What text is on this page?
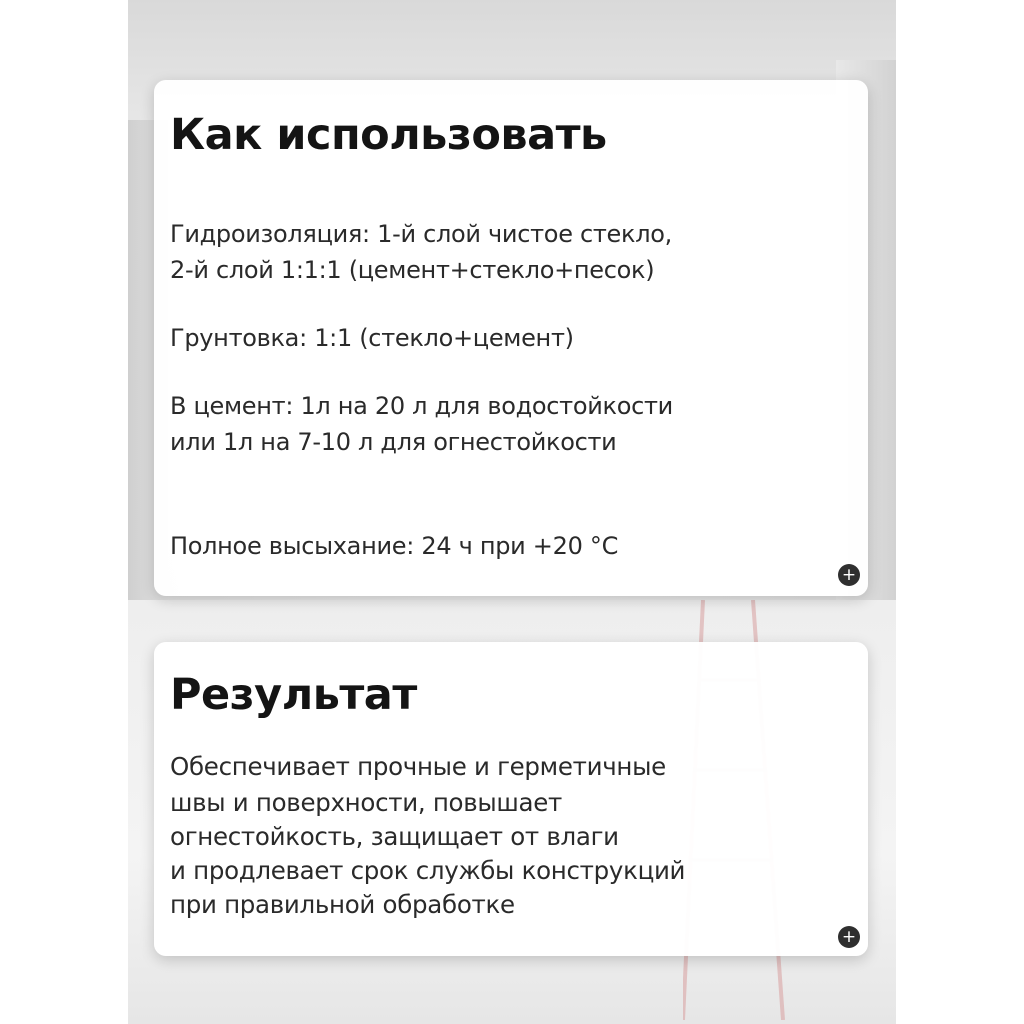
Как использовать
Гидроизоляция: 1-й слой чистое стекло,
2-й слой 1:1:1 (цемент+стекло+песок)
Грунтовка: 1:1 (стекло+цемент)
В цемент: 1л на 20 л для водостойкости
или 1л на 7-10 л для огнестойкости
Полное высыхание: 24 ч при +20 °С
+
Результат
Обеспечивает прочные и герметичные
швы и поверхности, повышает
огнестойкость, защищает от влаги
и продлевает срок службы конструкций
при правильной обработке
+
